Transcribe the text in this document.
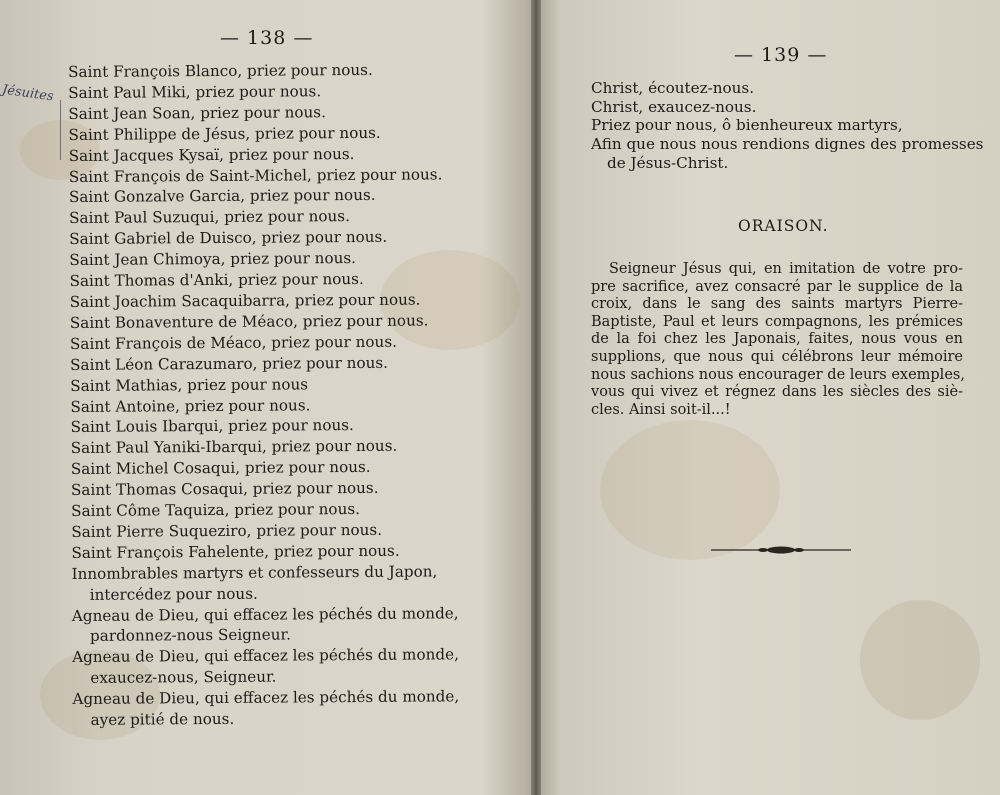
— 138 —
Jésuites
Saint François Blanco, priez pour nous.
Saint Paul Miki, priez pour nous.
Saint Jean Soan, priez pour nous.
Saint Philippe de Jésus, priez pour nous.
Saint Jacques Kysaï, priez pour nous.
Saint François de Saint-Michel, priez pour nous.
Saint Gonzalve Garcia, priez pour nous.
Saint Paul Suzuqui, priez pour nous.
Saint Gabriel de Duisco, priez pour nous.
Saint Jean Chimoya, priez pour nous.
Saint Thomas d'Anki, priez pour nous.
Saint Joachim Sacaquibarra, priez pour nous.
Saint Bonaventure de Méaco, priez pour nous.
Saint François de Méaco, priez pour nous.
Saint Léon Carazumaro, priez pour nous.
Saint Mathias, priez pour nous
Saint Antoine, priez pour nous.
Saint Louis Ibarqui, priez pour nous.
Saint Paul Yaniki-Ibarqui, priez pour nous.
Saint Michel Cosaqui, priez pour nous.
Saint Thomas Cosaqui, priez pour nous.
Saint Côme Taquiza, priez pour nous.
Saint Pierre Suqueziro, priez pour nous.
Saint François Fahelente, priez pour nous.
Innombrables martyrs et confesseurs du Japon,
intercédez pour nous.
Agneau de Dieu, qui effacez les péchés du monde,
pardonnez-nous Seigneur.
Agneau de Dieu, qui effacez les péchés du monde,
exaucez-nous, Seigneur.
Agneau de Dieu, qui effacez les péchés du monde,
ayez pitié de nous.
— 139 —
Christ, écoutez-nous.
Christ, exaucez-nous.
Priez pour nous, ô bienheureux martyrs,
Afin que nous nous rendions dignes des promesses
de Jésus-Christ.
ORAISON.
Seigneur Jésus qui, en imitation de votre pro-
pre sacrifice, avez consacré par le supplice de la
croix, dans le sang des saints martyrs Pierre-
Baptiste, Paul et leurs compagnons, les prémices
de la foi chez les Japonais, faites, nous vous en
supplions, que nous qui célébrons leur mémoire
nous sachions nous encourager de leurs exemples,
vous qui vivez et régnez dans les siècles des siè-
cles. Ainsi soit-il...!
